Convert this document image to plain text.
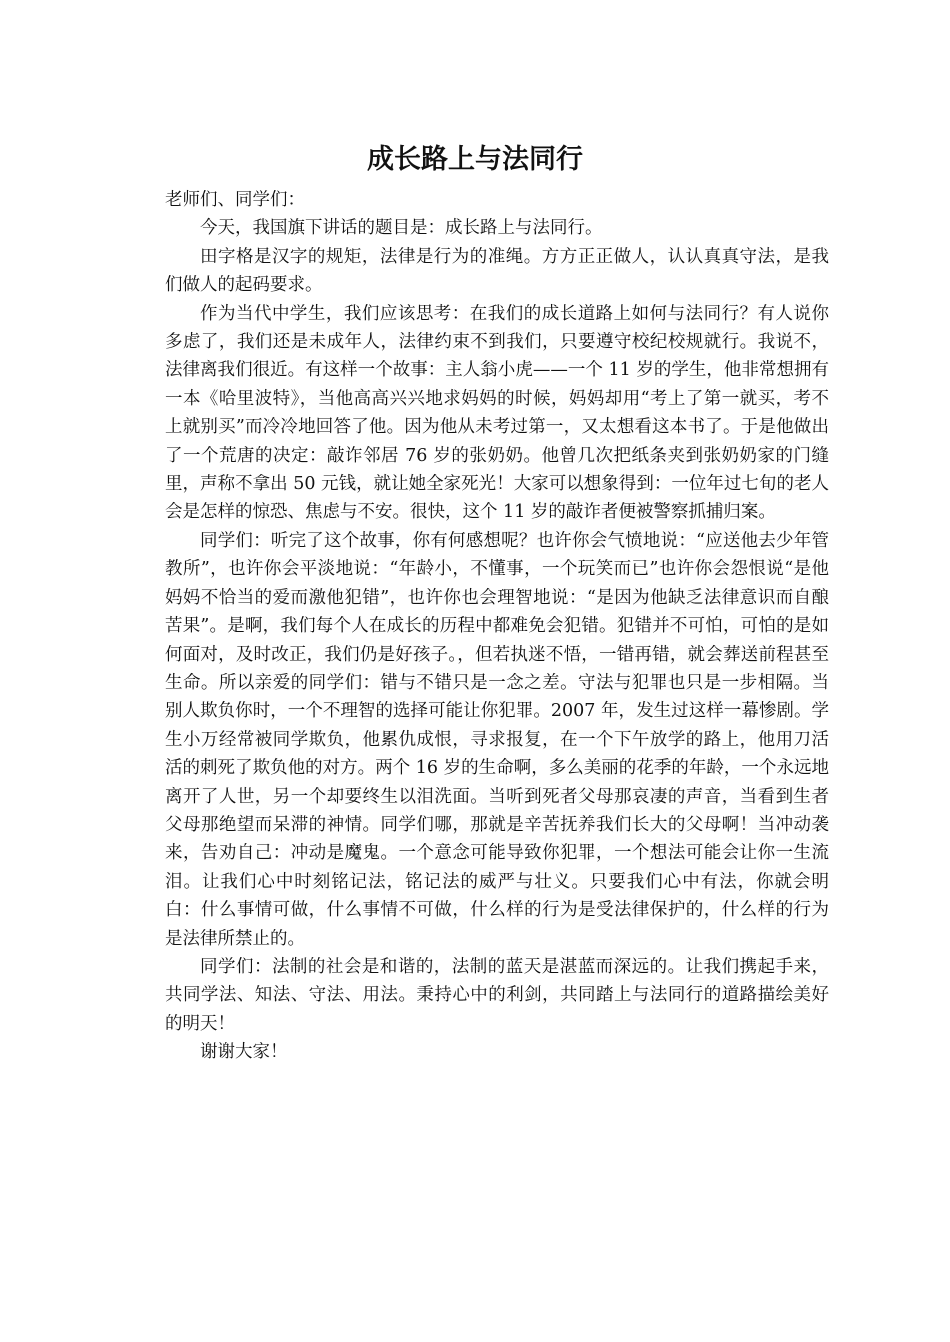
成长路上与法同行

老师们、同学们：

今天，我国旗下讲话的题目是：成长路上与法同行。

田字格是汉字的规矩，法律是行为的准绳。方方正正做人，认认真真守法，是我们做人的起码要求。

作为当代中学生，我们应该思考：在我们的成长道路上如何与法同行？有人说你多虑了，我们还是未成年人，法律约束不到我们，只要遵守校纪校规就行。我说不，法律离我们很近。有这样一个故事：主人翁小虎——一个 11 岁的学生，他非常想拥有一本《哈里波特》，当他高高兴兴地求妈妈的时候，妈妈却用“考上了第一就买，考不上就别买”而冷冷地回答了他。因为他从未考过第一，又太想看这本书了。于是他做出了一个荒唐的决定：敲诈邻居 76 岁的张奶奶。他曾几次把纸条夹到张奶奶家的门缝里，声称不拿出 50 元钱，就让她全家死光！大家可以想象得到：一位年过七旬的老人会是怎样的惊恐、焦虑与不安。很快，这个 11 岁的敲诈者便被警察抓捕归案。

同学们：听完了这个故事，你有何感想呢？也许你会气愤地说：“应送他去少年管教所”，也许你会平淡地说：“年龄小，不懂事，一个玩笑而已”也许你会怨恨说“是他妈妈不恰当的爱而激他犯错”，也许你也会理智地说：“是因为他缺乏法律意识而自酿苦果”。是啊，我们每个人在成长的历程中都难免会犯错。犯错并不可怕，可怕的是如何面对，及时改正，我们仍是好孩子。，但若执迷不悟，一错再错，就会葬送前程甚至生命。所以亲爱的同学们：错与不错只是一念之差。守法与犯罪也只是一步相隔。当别人欺负你时，一个不理智的选择可能让你犯罪。2007 年，发生过这样一幕惨剧。学生小万经常被同学欺负，他累仇成恨，寻求报复，在一个下午放学的路上，他用刀活活的刺死了欺负他的对方。两个 16 岁的生命啊，多么美丽的花季的年龄，一个永远地离开了人世，另一个却要终生以泪洗面。当听到死者父母那哀凄的声音，当看到生者父母那绝望而呆滞的神情。同学们哪，那就是辛苦抚养我们长大的父母啊！当冲动袭来，告劝自己：冲动是魔鬼。一个意念可能导致你犯罪，一个想法可能会让你一生流泪。让我们心中时刻铭记法，铭记法的威严与壮义。只要我们心中有法，你就会明白：什么事情可做，什么事情不可做，什么样的行为是受法律保护的，什么样的行为是法律所禁止的。

同学们：法制的社会是和谐的，法制的蓝天是湛蓝而深远的。让我们携起手来，共同学法、知法、守法、用法。秉持心中的利剑，共同踏上与法同行的道路描绘美好的明天！

谢谢大家！
